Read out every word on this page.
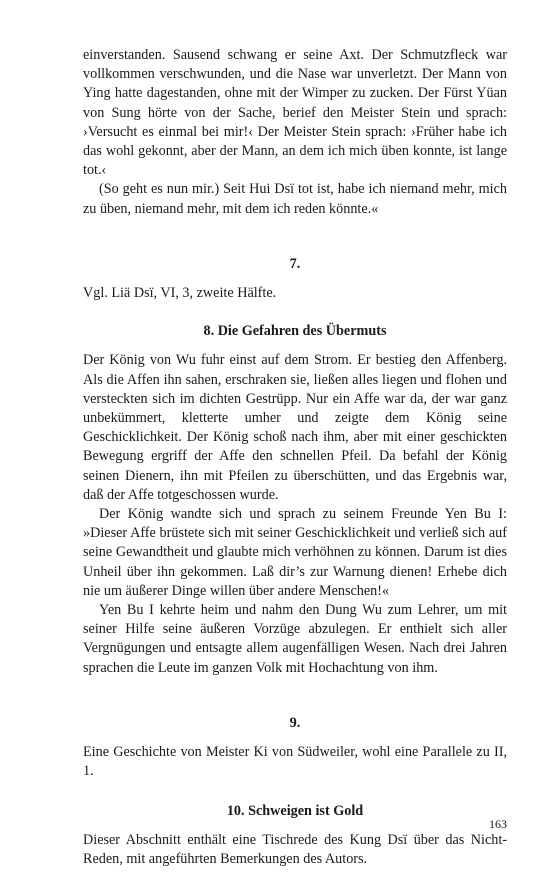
einverstanden. Sausend schwang er seine Axt. Der Schmutzfleck war vollkommen verschwunden, und die Nase war unverletzt. Der Mann von Ying hatte dagestanden, ohne mit der Wimper zu zucken. Der Fürst Yüan von Sung hörte von der Sache, berief den Meister Stein und sprach: ›Versucht es einmal bei mir!‹ Der Meister Stein sprach: ›Früher habe ich das wohl gekonnt, aber der Mann, an dem ich mich üben konnte, ist lange tot.‹

(So geht es nun mir.) Seit Hui Dsï tot ist, habe ich niemand mehr, mich zu üben, niemand mehr, mit dem ich reden könnte.«

7.

Vgl. Liä Dsï, VI, 3, zweite Hälfte.

8. Die Gefahren des Übermuts

Der König von Wu fuhr einst auf dem Strom. Er bestieg den Affenberg. Als die Affen ihn sahen, erschraken sie, ließen alles liegen und flohen und versteckten sich im dichten Gestrüpp. Nur ein Affe war da, der war ganz unbekümmert, kletterte umher und zeigte dem König seine Geschicklichkeit. Der König schoß nach ihm, aber mit einer geschickten Bewegung ergriff der Affe den schnellen Pfeil. Da befahl der König seinen Dienern, ihn mit Pfeilen zu überschütten, und das Ergebnis war, daß der Affe totgeschossen wurde.

Der König wandte sich und sprach zu seinem Freunde Yen Bu I: »Dieser Affe brüstete sich mit seiner Geschicklichkeit und verließ sich auf seine Gewandtheit und glaubte mich verhöhnen zu können. Darum ist dies Unheil über ihn gekommen. Laß dir’s zur Warnung dienen! Erhebe dich nie um äußerer Dinge willen über andere Menschen!«

Yen Bu I kehrte heim und nahm den Dung Wu zum Lehrer, um mit seiner Hilfe seine äußeren Vorzüge abzulegen. Er enthielt sich aller Vergnügungen und entsagte allem augenfälligen Wesen. Nach drei Jahren sprachen die Leute im ganzen Volk mit Hochachtung von ihm.

9.

Eine Geschichte von Meister Ki von Südweiler, wohl eine Parallele zu II, 1.

10. Schweigen ist Gold

Dieser Abschnitt enthält eine Tischrede des Kung Dsï über das Nicht-Reden, mit angeführten Bemerkungen des Autors.

163
